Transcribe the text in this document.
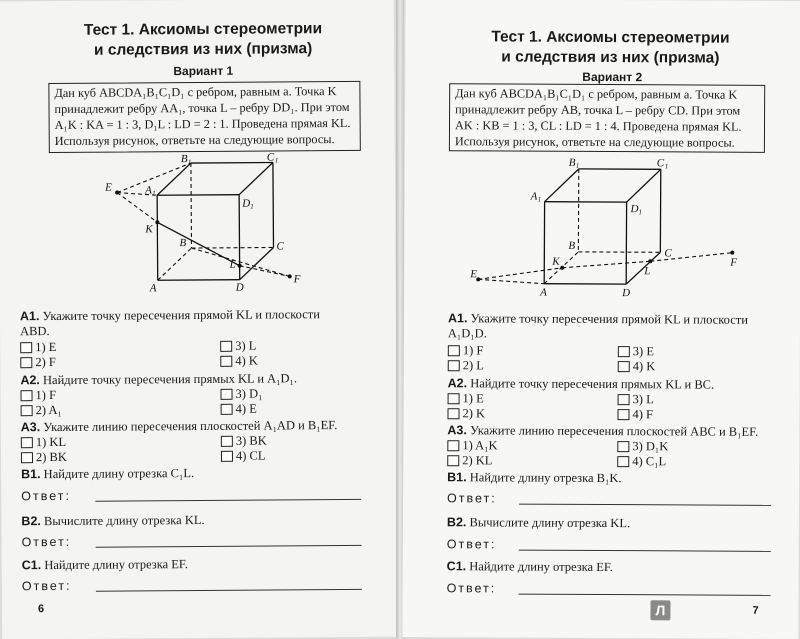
Тест 1. Аксиомы стереометрии
и следствия из них (призма)
Вариант 1
Дан куб ABCDA₁B₁C₁D₁ с ребром, равным a. Точка K
принадлежит ребру AA₁, точка L – ребру DD₁. При этом
A₁K : KA = 1 : 3, D₁L : LD = 2 : 1. Проведена прямая KL.
Используя рисунок, ответьте на следующие вопросы.
E	A 1
B 1	C 1
D 1
K
B	C
L
F
A	D
A1. Укажите точку пересечения прямой KL и плоскости
ABD.
1) E	3) L
2) F	4) K
A2. Найдите точку пересечения прямых KL и A₁D₁.
1) F	3) D₁
2) A₁	4) E
A3. Укажите линию пересечения плоскостей A₁AD и B₁EF.
1) KL	3) BK
2) BK	4) CL
B1. Найдите длину отрезка C₁L.
Ответ:
B2. Вычислите длину отрезка KL.
Ответ:
C1. Найдите длину отрезка EF.
Ответ:
6
Тест 1. Аксиомы стереометрии
и следствия из них (призма)
Вариант 2
Дан куб ABCDA₁B₁C₁D₁ с ребром, равным a. Точка K
принадлежит ребру AB, точка L – ребру CD. При этом
AK : KB = 1 : 3, CL : LD = 1 : 4. Проведена прямая KL.
Используя рисунок, ответьте на следующие вопросы.
B 1	C 1
A 1
D 1
B
C
K
L
E
F
A	D
A1. Укажите точку пересечения прямой KL и плоскости
A₁D₁D.
1) F	3) E
2) L	4) K
A2. Найдите точку пересечения прямых KL и BC.
1) E	3) L
2) K	4) F
A3. Укажите линию пересечения плоскостей ABC и B₁EF.
1) A₁K	3) D₁K
2) KL	4) C₁L
B1. Найдите длину отрезка B₁K.
Ответ:
B2. Вычислите длину отрезка KL.
Ответ:
C1. Найдите длину отрезка EF.
Ответ:
Л	7
